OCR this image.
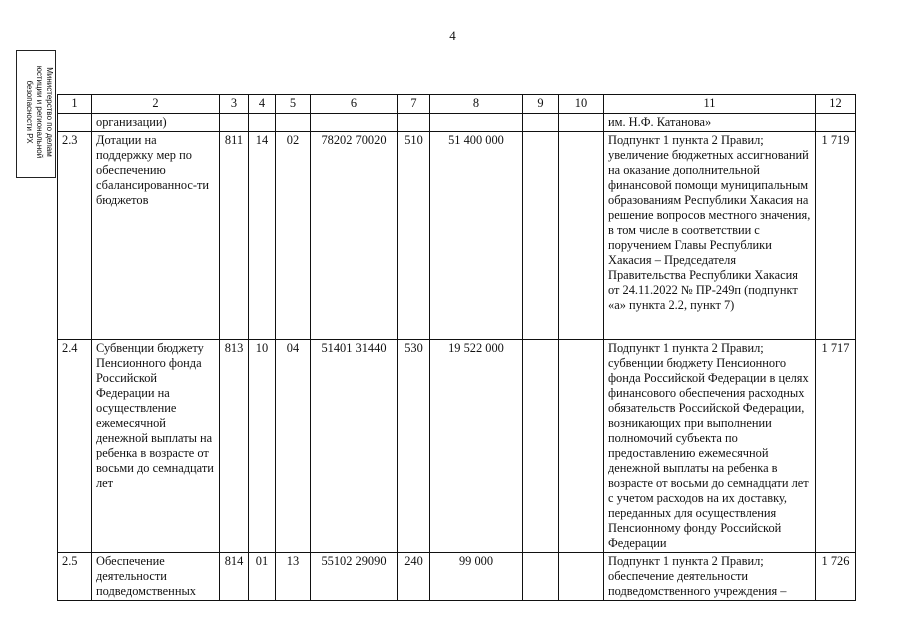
4
Министерство по делам юстиции и региональной безопасности РХ	1	2	3	4	5	6	7	8	9	10	11	12
	организации)									им. Н.Ф. Катанова»	
2.3	Дотации на поддержку мер по обеспечению сбалансированнос-ти бюджетов	811	14	02	78202 70020	510	51 400 000			Подпункт 1 пункта 2 Правил; увеличение бюджетных ассигнований на оказание дополнительной финансовой помощи муниципальным образованиям Республики Хакасия на решение вопросов местного значения, в том числе в соответствии с поручением Главы Республики Хакасия – Председателя Правительства Республики Хакасия от 24.11.2022 № ПР-249п (подпункт «а» пункта 2.2, пункт 7)	1 719
2.4	Субвенции бюджету Пенсионного фонда Российской Федерации на осуществление ежемесячной денежной выплаты на ребенка в возрасте от восьми до семнадцати лет	813	10	04	51401 31440	530	19 522 000			Подпункт 1 пункта 2 Правил; субвенции бюджету Пенсионного фонда Российской Федерации в целях финансового обеспечения расходных обязательств Российской Федерации, возникающих при выполнении полномочий субъекта по предоставлению ежемесячной денежной выплаты на ребенка в возрасте от восьми до семнадцати лет с учетом расходов на их доставку, переданных для осуществления Пенсионному фонду Российской Федерации	1 717
2.5	Обеспечение деятельности подведомственных	814	01	13	55102 29090	240	99 000			Подпункт 1 пункта 2 Правил; обеспечение деятельности подведомственного учреждения –	1 726
